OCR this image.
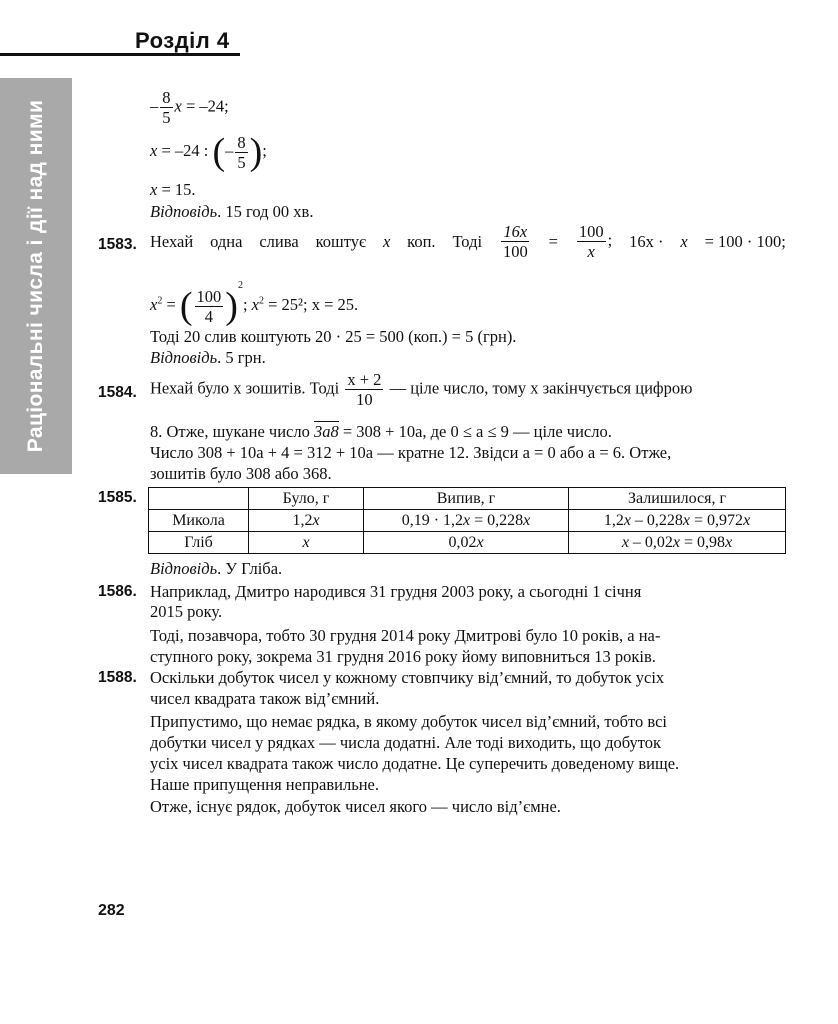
Розділ 4
Раціональні числа і дії над ними	– $\frac{8}{5}$ x = –24;
x = –24 : (– $\frac{8}{5}$ );
x = 15.
Відповідь. 15 год 00 хв.
1583. Нехай одна слива коштує x коп. Тоді $\frac{16x}{100} = \frac{100}{x}$ ; 16x · x = 100 · 100;
$x^2$ = ( $\frac{100}{4} )^2$; $x^2 = 25^2$; x = 25.
Тоді 20 слив коштують 20 · 25 = 500 (коп.) = 5 (грн).
Відповідь. 5 грн.
1584. Нехай було x зошитів. Тоді $\frac{x + 2}{10}$ — ціле число, тому x закінчується цифрою
8. Отже, шукане число 3a8 = 308 + 10a, де 0 ≤ a ≤ 9 — ціле число.
Число 308 + 10a + 4 = 312 + 10a — кратне 12. Звідси a = 0 або a = 6. Отже,
зошитів було 308 або 368.
1585.
		Було, г	Випив, г	Залишилося, г
Микола	1,2x	0,19 · 1,2x = 0,228x	1,2x – 0,228x = 0,972x
Гліб	x	0,02x	x – 0,02x = 0,98x
Відповідь. У Гліба.
1586. Наприклад, Дмитро народився 31 грудня 2003 року, а сьогодні 1 січня
2015 року.
Тоді, позавчора, тобто 30 грудня 2014 року Дмитрові було 10 років, а на-
ступного року, зокрема 31 грудня 2016 року йому виповниться 13 років.
1588. Оскільки добуток чисел у кожному стовпчику від’ємний, то добуток усіх
чисел квадрата також від’ємний.
Припустимо, що немає рядка, в якому добуток чисел від’ємний, тобто всі
добутки чисел у рядках — числа додатні. Але тоді виходить, що добуток
усіх чисел квадрата також число додатне. Це суперечить доведеному вище.
Наше припущення неправильне.
Отже, існує рядок, добуток чисел якого — число від’ємне.
282
